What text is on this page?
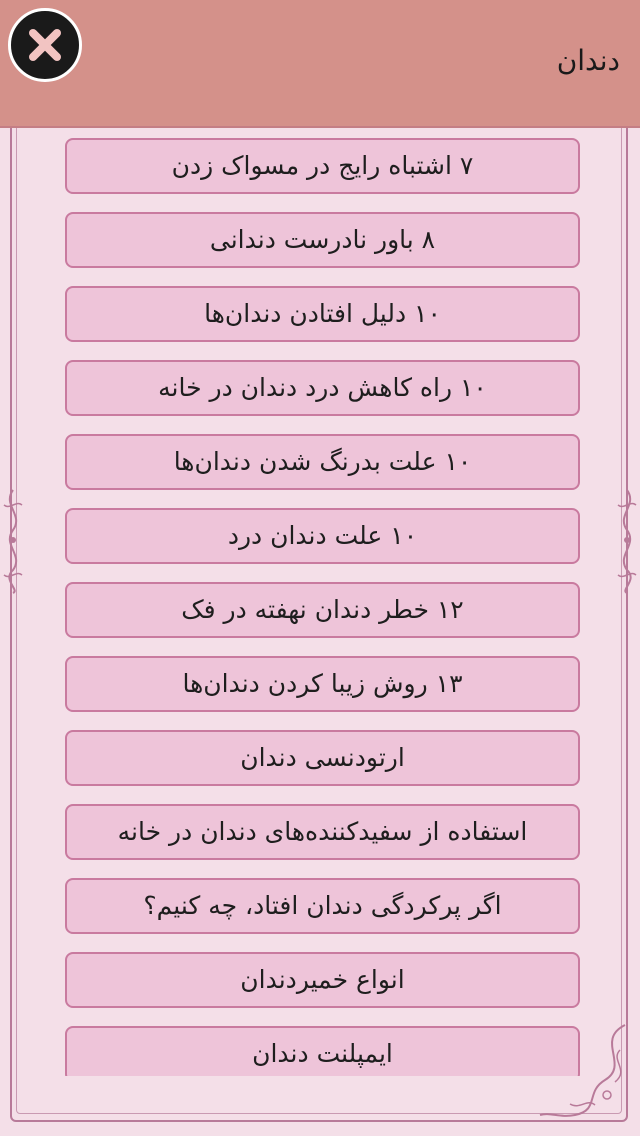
دندان
۷ اشتباه رایج در مسواک زدن
۸ باور نادرست دندانی
۱۰ دلیل افتادن دندان‌ها
۱۰ راه کاهش درد دندان در خانه
۱۰ علت بدرنگ شدن دندان‌ها
۱۰ علت دندان درد
۱۲ خطر دندان نهفته در فک
۱۳ روش زیبا کردن دندان‌ها
ارتودنسی دندان
استفاده از سفیدکننده‌های دندان در خانه
اگر پرکردگی دندان افتاد، چه کنیم؟
انواع خمیردندان
ایمپلنت دندان
